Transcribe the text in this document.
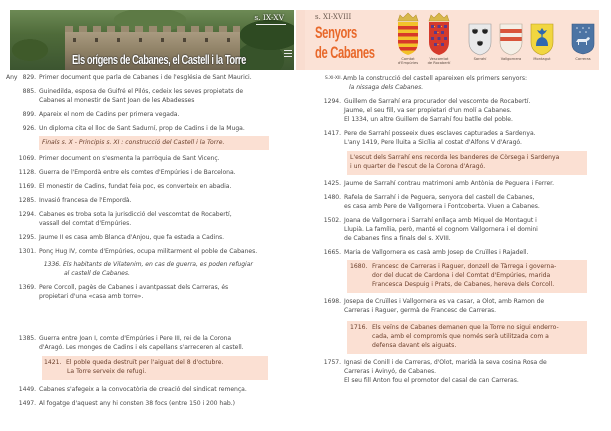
s. IX-XV
Els orígens de Cabanes, el Castell i la Torre
Any 829. Primer document que parla de Cabanes i de l'església de Sant Maurici.
885. Guinedilda, esposa de Guifré el Pilós, cedeix les seves propietats de
Cabanes al monestir de Sant Joan de les Abadesses
899. Apareix el nom de Cadins per primera vegada.
926. Un diploma cita el lloc de Sant Sadurní, prop de Cadins i de la Muga.
Finals s. X - Principis s. XI : construcció del Castell i la Torre.
1069. Primer document on s'esmenta la parròquia de Sant Vicenç.
1128. Guerra de l'Empordà entre els comtes d'Empúries i de Barcelona.
1169. El monestir de Cadins, fundat feia poc, es converteix en abadia.
1285. Invasió francesa de l'Empordà.
1294. Cabanes es troba sota la jurisdicció del vescomtat de Rocabertí,
vassall del comtat d'Empúries.
1295. Jaume II es casa amb Blanca d'Anjou, que fa estada a Cadins.
1301. Ponç Hug IV, comte d'Empúries, ocupa militarment el poble de Cabanes.
1336. Els habitants de Vilatenim, en cas de guerra, es poden refugiar
al castell de Cabanes.
1369. Pere Corcoll, pagès de Cabanes i avantpassat dels Carreras, és
propietari d'una «casa amb torre».
1385. Guerra entre Joan I, comte d'Empúries i Pere III, rei de la Corona
d'Aragó. Les monges de Cadins i els capellans s'arreceren al castell.
1421. El poble queda destruït per l'aiguat del 8 d'octubre.
La Torre serveix de refugi.
1449. Cabanes s'afegeix a la convocatòria de creació del sindicat remença.
1497. Al fogatge d'aquest any hi consten 38 focs (entre 150 i 200 hab.)
s. XI-XVIII
Senyors
de Cabanes	Comtat
d'Empúries
Vescomtat
de Rocabertí
Sarrahí	Vallgornera	Montagut	Carreras
S.XI-XII. Amb la construcció del castell apareixen els primers senyors:
la nissaga dels Cabanes.
1294. Guillem de Sarrahí era procurador del vescomte de Rocabertí.
Jaume, el seu fill, va ser propietari d'un molí a Cabanes.
El 1334, un altre Guillem de Sarrahí fou batlle del poble.
1417. Pere de Sarrahí posseeix dues esclaves capturades a Sardenya.
L'any 1419, Pere lluita a Sicília al costat d'Alfons V d'Aragó.
L'escut dels Sarrahí ens recorda les banderes de Còrsega i Sardenya
i un quarter de l'escut de la Corona d'Aragó.
1425. Jaume de Sarrahí contrau matrimoni amb Antònia de Peguera i Ferrer.
1480. Rafela de Sarrahí i de Peguera, senyora del castell de Cabanes,
es casa amb Pere de Vallgornera i Fontcoberta. Viuen a Cabanes.
1502. Joana de Vallgornera i Sarrahí enllaça amb Miquel de Montagut i
Llupià. La família, però, manté el cognom Vallgornera i el domini
de Cabanes fins a finals del s. XVIII.
1665. Maria de Vallgornera es casà amb Josep de Cruïlles i Rajadell.
1680. Francesc de Carreras i Raguer, donzell de Tàrrega i governa-
dor del ducat de Cardona i del Comtat d'Empúries, marida
Francesca Despuig i Prats, de Cabanes, hereva dels Corcoll.
1698. Josepa de Cruïlles i Vallgornera es va casar, a Olot, amb Ramon de
Carreras i Raguer, germà de Francesc de Carreras.
1716. Els veïns de Cabanes demanen que la Torre no sigui enderro-
cada, amb el compromís que només serà utilitzada com a
defensa davant els aiguats.
1757. Ignasi de Conill i de Carreras, d'Olot, maridà la seva cosina Rosa de
Carreras i Avinyó, de Cabanes.
El seu fill Anton fou el promotor del casal de can Carreras.
